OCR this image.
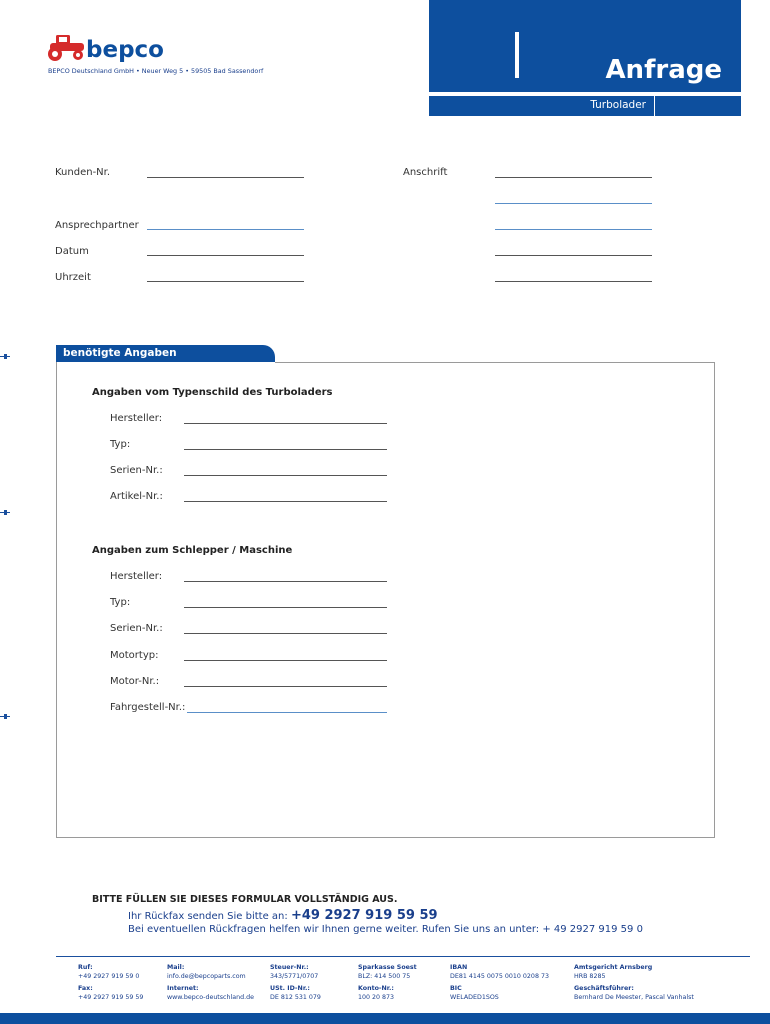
bepco
BEPCO Deutschland GmbH • Neuer Weg 5 • 59505 Bad Sassendorf	Anfrage
Turbolader
Kunden-Nr.	Anschrift
Ansprechpartner
Datum
Uhrzeit
benötigte Angaben
Angaben vom Typenschild des Turboladers
Hersteller:
Typ:
Serien-Nr.:
Artikel-Nr.:
Angaben zum Schlepper / Maschine
Hersteller:
Typ:
Serien-Nr.:
Motortyp:
Motor-Nr.:
Fahrgestell-Nr.:
BITTE FÜLLEN SIE DIESES FORMULAR VOLLSTÄNDIG AUS.
Ihr Rückfax senden Sie bitte an: +49 2927 919 59 59
Bei eventuellen Rückfragen helfen wir Ihnen gerne weiter. Rufen Sie uns an unter: + 49 2927 919 59 0
Ruf:
+49 2927 919 59 0

Fax:
+49 2927 919 59 59
Mail:
info.de@bepcoparts.com

Internet:
www.bepco-deutschland.de
Steuer-Nr.:
343/5771/0707

USt. ID-Nr.:
DE 812 531 079
Sparkasse Soest
BLZ: 414 500 75

Konto-Nr.:
100 20 873
IBAN
DE81 4145 0075 0010 0208 73

BIC
WELADED1SOS
Amtsgericht Arnsberg
HRB 8285

Geschäftsführer:
Bernhard De Meester, Pascal Vanhalst
